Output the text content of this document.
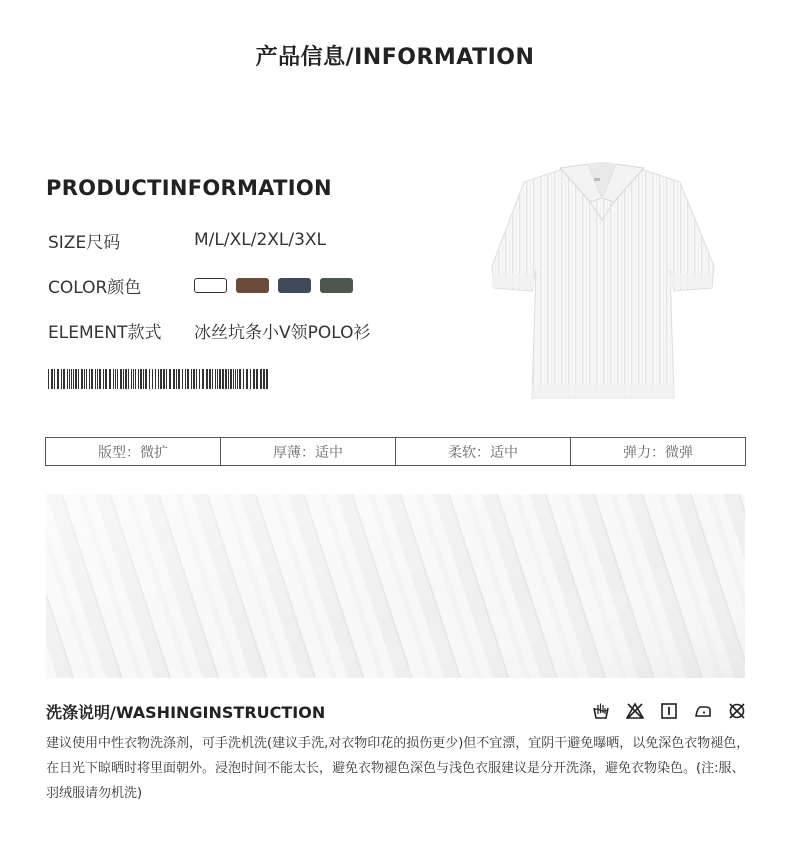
产品信息/INFORMATION
PRODUCTINFORMATION
SIZE尺码	M/L/XL/2XL/3XL
COLOR颜色
ELEMENT款式	冰丝坑条小V领POLO衫
版型：微扩	厚薄：适中	柔软：适中	弹力：微弹
洗涤说明/WASHINGINSTRUCTION
建议使用中性衣物洗涤剂，可手洗机洗(建议手洗,对衣物印花的损伤更少)但不宜漂，宜阴干避免曝晒，以免深色衣物褪色，在日光下晾晒时将里面朝外。浸泡时间不能太长，避免衣物褪色深色与浅色衣服建议是分开洗涤，避免衣物染色。(注:服、羽绒服请勿机洗)
